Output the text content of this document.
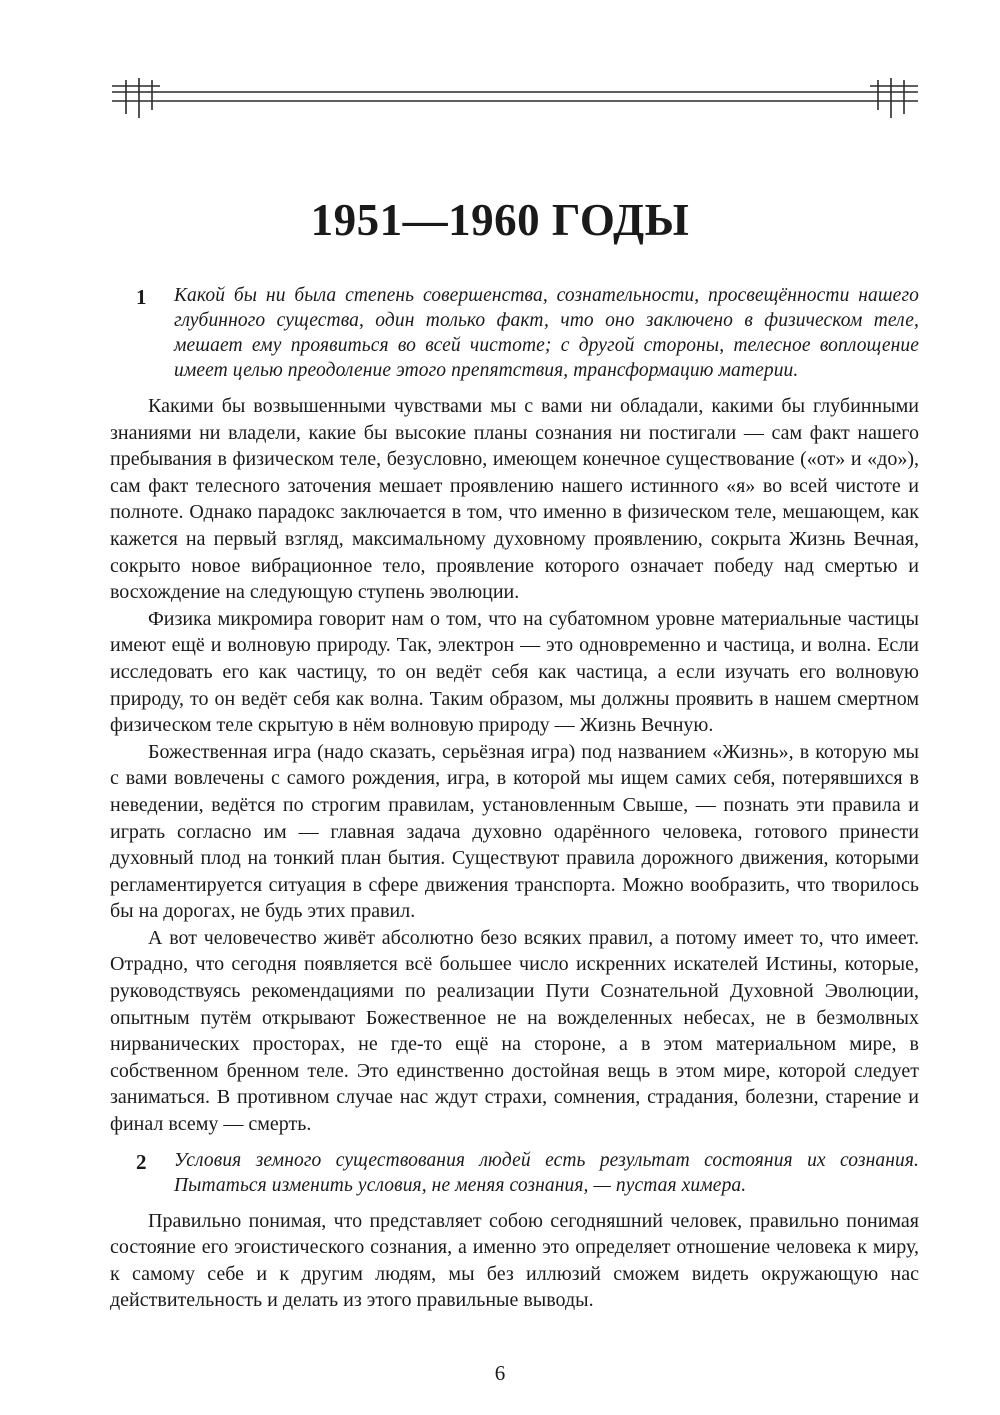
1951—1960 ГОДЫ
1	Какой бы ни была степень совершенства, сознательности, просвещённости нашего глубинного существа, один только факт, что оно заключено в физическом теле, мешает ему проявиться во всей чистоте; с другой стороны, телесное воплощение имеет целью преодоление этого препятствия, трансформацию материи.

Какими бы возвышенными чувствами мы с вами ни обладали, какими бы глубинными знаниями ни владели, какие бы высокие планы сознания ни постигали — сам факт нашего пребывания в физическом теле, безусловно, имеющем конечное существование («от» и «до»), сам факт телесного заточения мешает проявлению нашего истинного «я» во всей чистоте и полноте. Однако парадокс заключается в том, что именно в физическом теле, мешающем, как кажется на первый взгляд, максимальному духовному проявлению, сокрыта Жизнь Вечная, сокрыто новое вибрационное тело, проявление которого означает победу над смертью и восхождение на следующую ступень эволюции.

Физика микромира говорит нам о том, что на субатомном уровне материальные частицы имеют ещё и волновую природу. Так, электрон — это одновременно и частица, и волна. Если исследовать его как частицу, то он ведёт себя как частица, а если изучать его волновую природу, то он ведёт себя как волна. Таким образом, мы должны проявить в нашем смертном физическом теле скрытую в нём волновую природу — Жизнь Вечную.

Божественная игра (надо сказать, серьёзная игра) под названием «Жизнь», в которую мы с вами вовлечены с самого рождения, игра, в которой мы ищем самих себя, потерявшихся в неведении, ведётся по строгим правилам, установленным Свыше, — познать эти правила и играть согласно им — главная задача духовно одарённого человека, готового принести духовный плод на тонкий план бытия. Существуют правила дорожного движения, которыми регламентируется ситуация в сфере движения транспорта. Можно вообразить, что творилось бы на дорогах, не будь этих правил.

А вот человечество живёт абсолютно безо всяких правил, а потому имеет то, что имеет. Отрадно, что сегодня появляется всё большее число искренних искателей Истины, которые, руководствуясь рекомендациями по реализации Пути Сознательной Духовной Эволюции, опытным путём открывают Божественное не на вожделенных небесах, не в безмолвных нирванических просторах, не где-то ещё на стороне, а в этом материальном мире, в собственном бренном теле. Это единственно достойная вещь в этом мире, которой следует заниматься. В противном случае нас ждут страхи, сомнения, страдания, болезни, старение и финал всему — смерть.

2	Условия земного существования людей есть результат состояния их сознания. Пытаться изменить условия, не меняя сознания, — пустая химера.

Правильно понимая, что представляет собою сегодняшний человек, правильно понимая состояние его эгоистического сознания, а именно это определяет отношение человека к миру, к самому себе и к другим людям, мы без иллюзий сможем видеть окружающую нас действительность и делать из этого правильные выводы.

6
